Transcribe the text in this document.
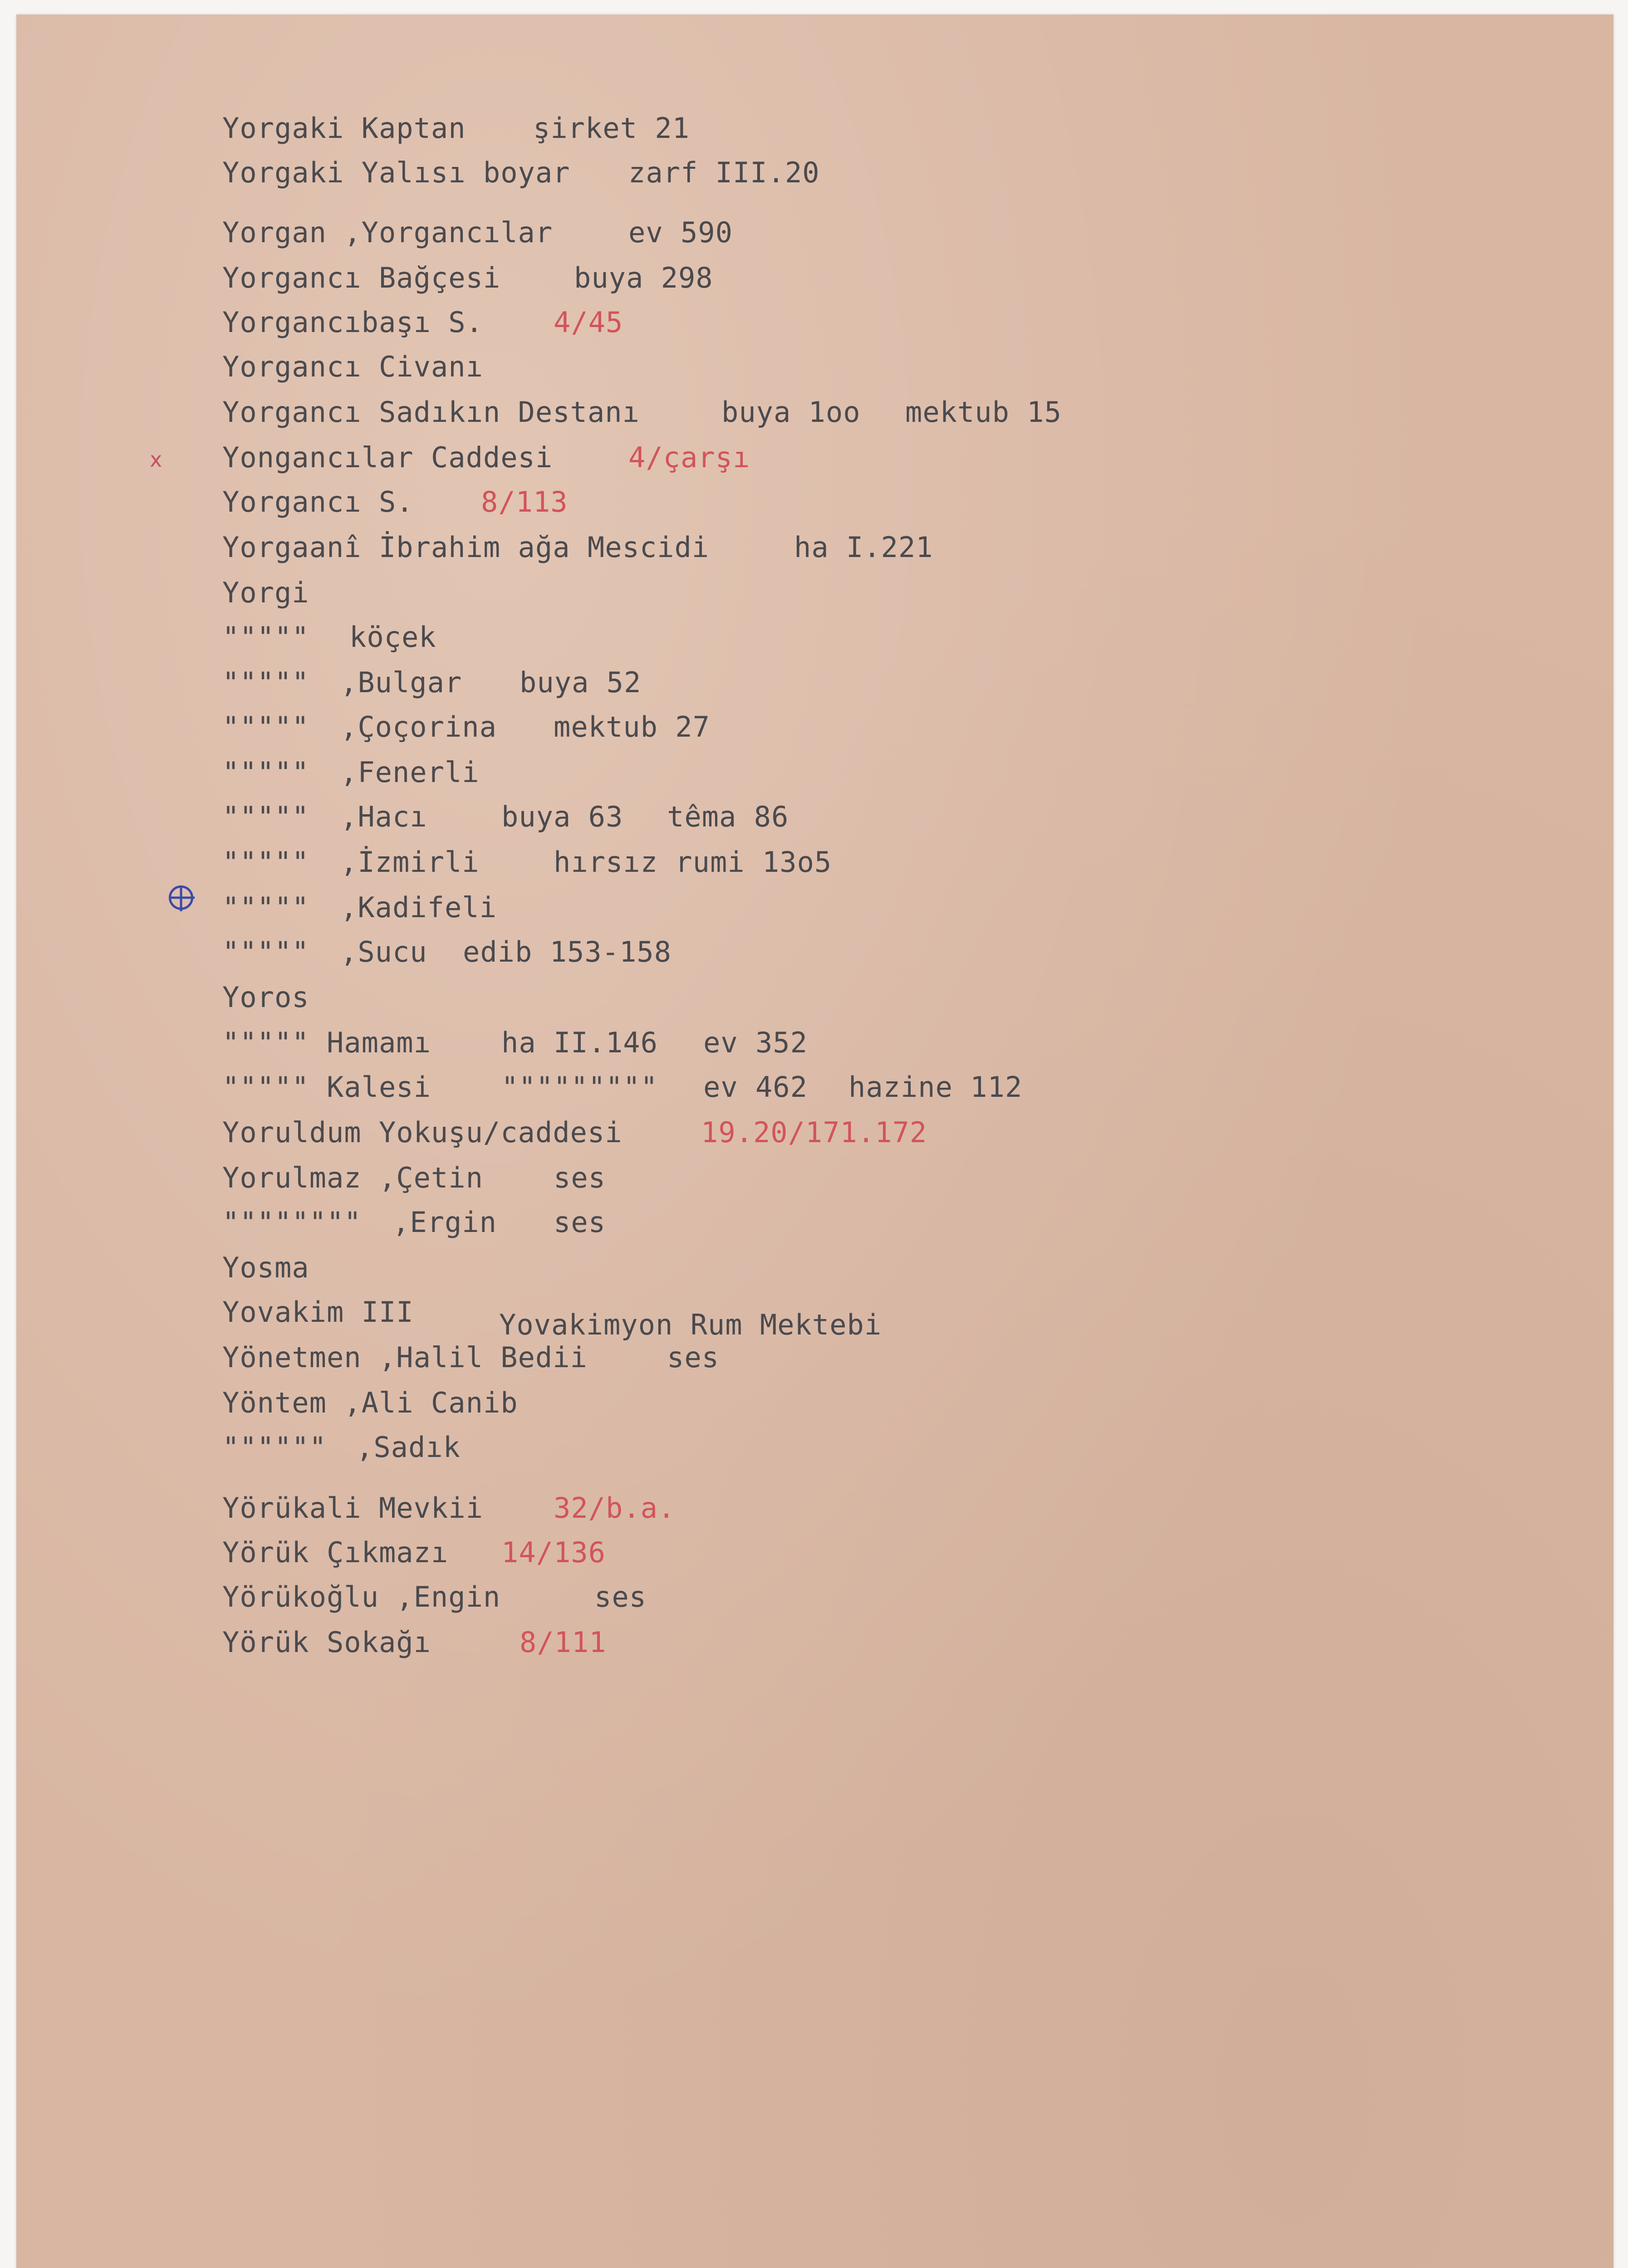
Yorgaki Kaptan şirket 21
Yorgaki Yalısı boyar zarf III.20
Yorgan ,Yorgancılar	ev 590
Yorgancı Bağçesi	buya 298
Yorgancıbaşı S.	4/45
Yorgancı Civanı
Yorgancı Sadıkın Destanı	buya 1oo mektub 15
x Yongancılar Caddesi	4/çarşı
Yorgancı S. 8/113
Yorgaanî İbrahim ağa Mescidi	ha I.221
Yorgi
""""" köçek
""""" ,Bulgar buya 52
""""" ,Çoçorina mektub 27
""""" ,Fenerli
""""" ,Hacı	buya 63 têma 86
""""" ,İzmirli	hırsız rumi 13o5
""""" ,Kadifeli
""""" ,Sucu edib 153-158
Yoros
""""" Hamamı	ha II.146 ev 352
""""" Kalesi	""""""""" ev 462 hazine 112
Yoruldum Yokuşu/caddesi	19.20/171.172
Yorulmaz ,Çetin	ses
"""""""" ,Ergin ses
Yosma
Yovakim III	Yovakimyon Rum Mektebi
Yönetmen ,Halil Bedii	ses
Yöntem ,Ali Canib
"""""" ,Sadık
Yörükali Mevkii	32/b.a.
Yörük Çıkmazı 14/136
Yörükoğlu ,Engin	ses
Yörük Sokağı	8/111
